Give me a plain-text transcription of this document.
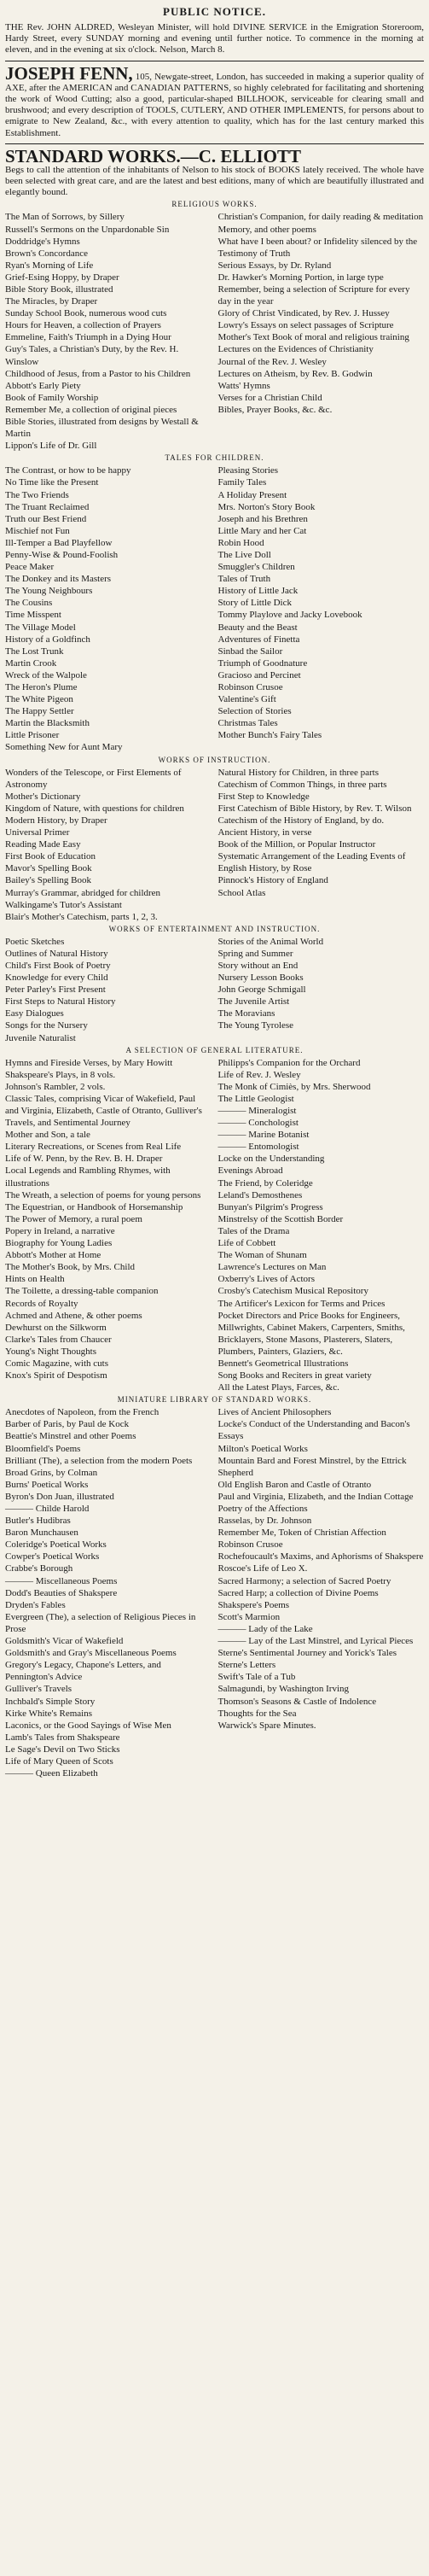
PUBLIC NOTICE.

THE Rev. JOHN ALDRED, Wesleyan Minister, will hold DIVINE SERVICE in the Emigration Storeroom, Hardy Street, every SUNDAY morning and evening until further notice. To commence in the morning at eleven, and in the evening at six o'clock. Nelson, March 8.

JOSEPH FENN, 105, Newgate-street, London, has succeeded in making a superior quality of AXE, after the AMERICAN and CANADIAN PATTERNS, so highly celebrated for facilitating and shortening the work of Wood Cutting; also a good, particular-shaped BILLHOOK, serviceable for clearing small and brushwood; and every description of TOOLS, CUTLERY, AND OTHER IMPLEMENTS, for persons about to emigrate to New Zealand, &c., with every attention to quality, which has for the last century marked this Establishment.

STANDARD WORKS.—C. ELLIOTT

Begs to call the attention of the inhabitants of Nelson to his stock of BOOKS lately received. The whole have been selected with great care, and are the latest and best editions, many of which are beautifully illustrated and elegantly bound.

RELIGIOUS WORKS.
The Man of Sorrows, by Sillery
Russell's Sermons on the Unpardonable Sin
Doddridge's Hymns
Brown's Concordance
Ryan's Morning of Life
Grief-Esing Hoppy, by Draper
Bible Story Book, illustrated
The Miracles, by Draper
Sunday School Book, numerous wood cuts
Hours for Heaven, a collection of Prayers
Emmeline, Faith's Triumph in a Dying Hour
Guy's Tales, a Christian's Duty, by the Rev. H. Winslow
Childhood of Jesus, from a Pastor to his Children
Abbott's Early Piety
Book of Family Worship
Remember Me, a collection of original pieces
Bible Stories, illustrated from designs by Westall & Martin
Lippon's Life of Dr. Gill
Christian's Companion, for daily reading & meditation
Memory, and other poems
What have I been about? or Infidelity silenced by the Testimony of Truth
Serious Essays, by Dr. Ryland
Dr. Hawker's Morning Portion, in large type
Remember, being a selection of Scripture for every day in the year
Glory of Christ Vindicated, by Rev. J. Hussey
Lowry's Essays on select passages of Scripture
Mother's Text Book of moral and religious training
Lectures on the Evidences of Christianity
Journal of the Rev. J. Wesley
Lectures on Atheism, by Rev. B. Godwin
Watts' Hymns
Verses for a Christian Child
Bibles, Prayer Books, &c. &c.
TALES FOR CHILDREN.
The Contrast, or how to be happy
No Time like the Present
The Two Friends
The Truant Reclaimed
Truth our Best Friend
Mischief not Fun
Ill-Temper a Bad Playfellow
Penny-Wise & Pound-Foolish
Peace Maker
The Donkey and its Masters
The Young Neighbours
The Cousins
Time Misspent
The Village Model
History of a Goldfinch
The Lost Trunk
Martin Crook
Wreck of the Walpole
The Heron's Plume
The White Pigeon
The Happy Settler
Martin the Blacksmith
Little Prisoner
Something New for Aunt Mary
Pleasing Stories
Family Tales
A Holiday Present
Mrs. Norton's Story Book
Joseph and his Brethren
Little Mary and her Cat
Robin Hood
The Live Doll
Smuggler's Children
Tales of Truth
History of Little Jack
Story of Little Dick
Tommy Playlove and Jacky Lovebook
Beauty and the Beast
Adventures of Finetta
Sinbad the Sailor
Triumph of Goodnature
Gracioso and Percinet
Robinson Crusoe
Valentine's Gift
Selection of Stories
Christmas Tales
Mother Bunch's Fairy Tales
WORKS OF INSTRUCTION.
Wonders of the Telescope, or First Elements of Astronomy
Mother's Dictionary
Kingdom of Nature, with questions for children
Modern History, by Draper
Universal Primer
Reading Made Easy
First Book of Education
Mavor's Spelling Book
Bailey's Spelling Book
Murray's Grammar, abridged for children
Walkingame's Tutor's Assistant
Blair's Mother's Catechism, parts 1, 2, 3.
Natural History for Children, in three parts
Catechism of Common Things, in three parts
First Step to Knowledge
First Catechism of Bible History, by Rev. T. Wilson
Catechism of the History of England, by do.
Ancient History, in verse
Book of the Million, or Popular Instructor
Systematic Arrangement of the Leading Events of English History, by Rose
Pinnock's History of England
School Atlas
WORKS OF ENTERTAINMENT AND INSTRUCTION.
Poetic Sketches
Outlines of Natural History
Child's First Book of Poetry
Knowledge for every Child
Peter Parley's First Present
First Steps to Natural History
Easy Dialogues
Songs for the Nursery
Juvenile Naturalist
Stories of the Animal World
Spring and Summer
Story without an End
Nursery Lesson Books
John George Schmigall
The Juvenile Artist
The Moravians
The Young Tyrolese
A SELECTION OF GENERAL LITERATURE.
Hymns and Fireside Verses, by Mary Howitt
Shakspeare's Plays, in 8 vols.
Johnson's Rambler, 2 vols.
Classic Tales, comprising Vicar of Wakefield, Paul and Virginia, Elizabeth, Castle of Otranto, Gulliver's Travels, and Sentimental Journey
Mother and Son, a tale
Literary Recreations, or Scenes from Real Life
Life of W. Penn, by the Rev. B. H. Draper
Local Legends and Rambling Rhymes, with illustrations
The Wreath, a selection of poems for young persons
The Equestrian, or Handbook of Horsemanship
The Power of Memory, a rural poem
Popery in Ireland, a narrative
Biography for Young Ladies
Abbott's Mother at Home
The Mother's Book, by Mrs. Child
Hints on Health
The Toilette, a dressing-table companion
Records of Royalty
Achmed and Athene, & other poems
Dewhurst on the Silkworm
Clarke's Tales from Chaucer
Young's Night Thoughts
Comic Magazine, with cuts
Knox's Spirit of Despotism
Philipps's Companion for the Orchard
Life of Rev. J. Wesley
The Monk of Cimiès, by Mrs. Sherwood
The Little Geologist
——— Mineralogist
——— Conchologist
——— Marine Botanist
——— Entomologist
Locke on the Understanding
Evenings Abroad
The Friend, by Coleridge
Leland's Demosthenes
Bunyan's Pilgrim's Progress
Minstrelsy of the Scottish Border
Tales of the Drama
Life of Cobbett
The Woman of Shunam
Lawrence's Lectures on Man
Oxberry's Lives of Actors
Crosby's Catechism Musical Repository
The Artificer's Lexicon for Terms and Prices
Pocket Directors and Price Books for Engineers, Millwrights, Cabinet Makers, Carpenters, Smiths, Bricklayers, Stone Masons, Plasterers, Slaters, Plumbers, Painters, Glaziers, &c.
Bennett's Geometrical Illustrations
Song Books and Reciters in great variety
All the Latest Plays, Farces, &c.
MINIATURE LIBRARY OF STANDARD WORKS.
Anecdotes of Napoleon, from the French
Barber of Paris, by Paul de Kock
Beattie's Minstrel and other Poems
Bloomfield's Poems
Brilliant (The), a selection from the modern Poets
Broad Grins, by Colman
Burns' Poetical Works
Byron's Don Juan, illustrated
——— Childe Harold
Butler's Hudibras
Baron Munchausen
Coleridge's Poetical Works
Cowper's Poetical Works
Crabbe's Borough
——— Miscellaneous Poems
Dodd's Beauties of Shakspere
Dryden's Fables
Evergreen (The), a selection of Religious Pieces in Prose
Goldsmith's Vicar of Wakefield
Goldsmith's and Gray's Miscellaneous Poems
Gregory's Legacy, Chapone's Letters, and Pennington's Advice
Gulliver's Travels
Inchbald's Simple Story
Kirke White's Remains
Laconics, or the Good Sayings of Wise Men
Lamb's Tales from Shakspeare
Le Sage's Devil on Two Sticks
Life of Mary Queen of Scots
——— Queen Elizabeth
Lives of Ancient Philosophers
Locke's Conduct of the Understanding and Bacon's Essays
Milton's Poetical Works
Mountain Bard and Forest Minstrel, by the Ettrick Shepherd
Old English Baron and Castle of Otranto
Paul and Virginia, Elizabeth, and the Indian Cottage
Poetry of the Affections
Rasselas, by Dr. Johnson
Remember Me, Token of Christian Affection
Robinson Crusoe
Rochefoucault's Maxims, and Aphorisms of Shakspere
Roscoe's Life of Leo X.
Sacred Harmony; a selection of Sacred Poetry
Sacred Harp; a collection of Divine Poems
Shakspere's Poems
Scott's Marmion
——— Lady of the Lake
——— Lay of the Last Minstrel, and Lyrical Pieces
Sterne's Sentimental Journey and Yorick's Tales
Sterne's Letters
Swift's Tale of a Tub
Salmagundi, by Washington Irving
Thomson's Seasons & Castle of Indolence
Thoughts for the Sea
Warwick's Spare Minutes.
